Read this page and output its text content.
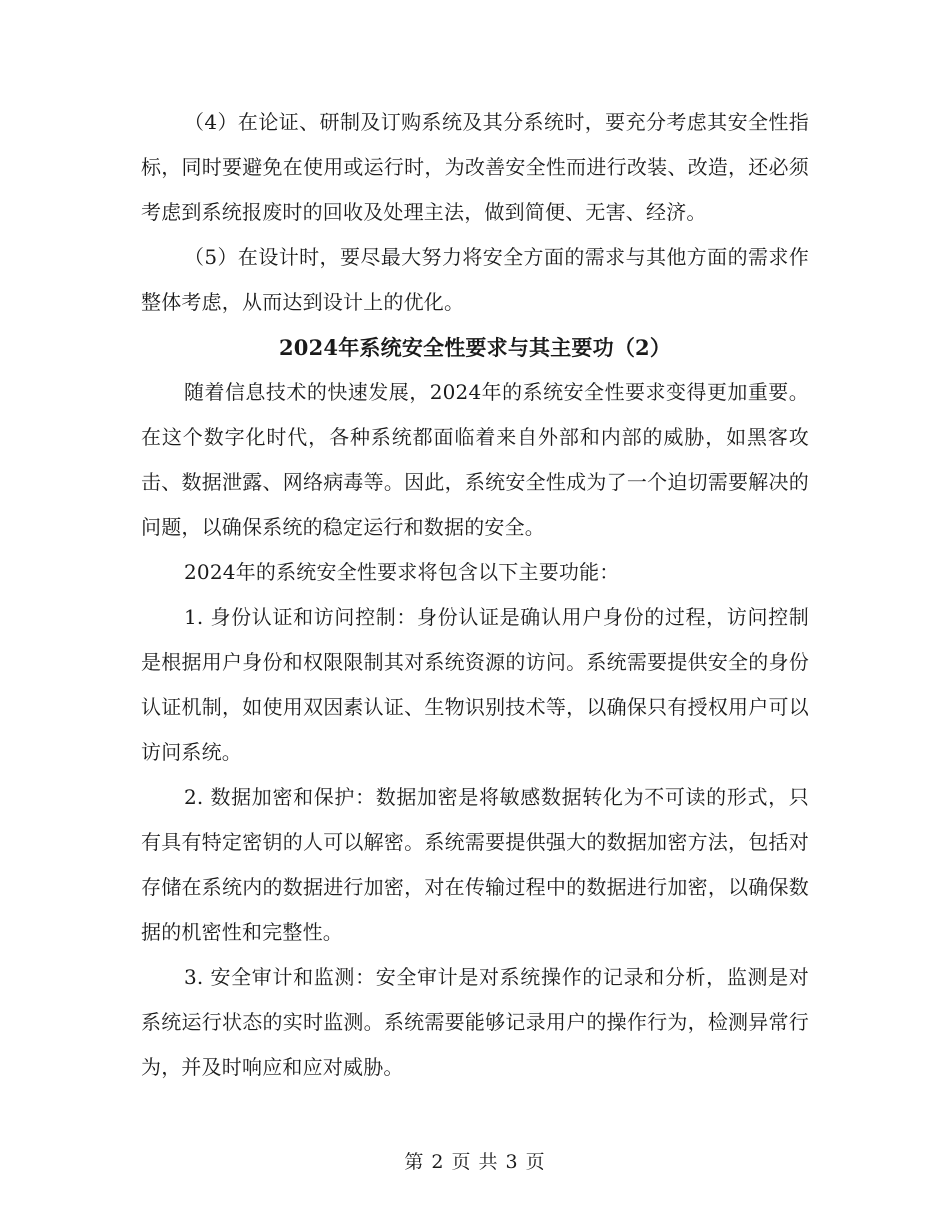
（4）在论证、研制及订购系统及其分系统时，要充分考虑其安全性指标，同时要避免在使用或运行时，为改善安全性而进行改装、改造，还必须考虑到系统报废时的回收及处理主法，做到简便、无害、经济。

（5）在设计时，要尽最大努力将安全方面的需求与其他方面的需求作整体考虑，从而达到设计上的优化。

2024年系统安全性要求与其主要功（2）

随着信息技术的快速发展，2024年的系统安全性要求变得更加重要。在这个数字化时代，各种系统都面临着来自外部和内部的威胁，如黑客攻击、数据泄露、网络病毒等。因此，系统安全性成为了一个迫切需要解决的问题，以确保系统的稳定运行和数据的安全。

2024年的系统安全性要求将包含以下主要功能：

1. 身份认证和访问控制：身份认证是确认用户身份的过程，访问控制是根据用户身份和权限限制其对系统资源的访问。系统需要提供安全的身份认证机制，如使用双因素认证、生物识别技术等，以确保只有授权用户可以访问系统。

2. 数据加密和保护：数据加密是将敏感数据转化为不可读的形式，只有具有特定密钥的人可以解密。系统需要提供强大的数据加密方法，包括对存储在系统内的数据进行加密，对在传输过程中的数据进行加密，以确保数据的机密性和完整性。

3. 安全审计和监测：安全审计是对系统操作的记录和分析，监测是对系统运行状态的实时监测。系统需要能够记录用户的操作行为，检测异常行为，并及时响应和应对威胁。

第 2 页 共 3 页
